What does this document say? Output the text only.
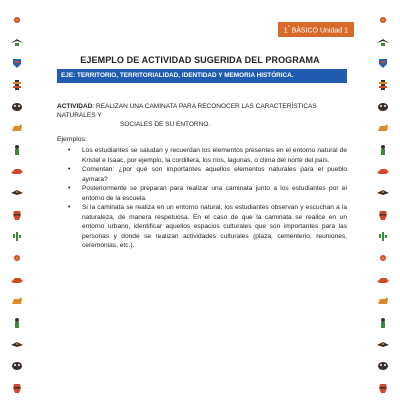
1° BÁSICO Unidad 1
EJEMPLO DE ACTIVIDAD SUGERIDA DEL PROGRAMA
EJE: TERRITORIO, TERRITORIALIDAD, IDENTIDAD Y MEMORIA HISTÓRICA.
ACTIVIDAD: REALIZAN UNA CAMINATA PARA RECONOCER LAS CARACTERÍSTICAS NATURALES Y
SOCIALES DE SU ENTORNO.
Ejemplos:
• Los estudiantes se saludan y recuerdan los elementos presentes en el entorno natural de Kristel e Isaac, por ejemplo, la cordillera, los ríos, lagunas, o clima del norte del país.
• Comentan: ¿por qué son importantes aquellos elementos naturales para el pueblo aymara?
• Posteriormente se preparan para realizar una caminata junto a los estudiantes por el entorno de la escuela.
• Si la caminata se realiza en un entorno natural, los estudiantes observan y escuchan a la naturaleza, de manera respetuosa. En el caso de que la caminata se realice en un entorno urbano, identificar aquellos espacios culturales que son importantes para las personas y donde se realizan actividades culturales (plaza, cementerio, reuniones, ceremonias, etc.).
